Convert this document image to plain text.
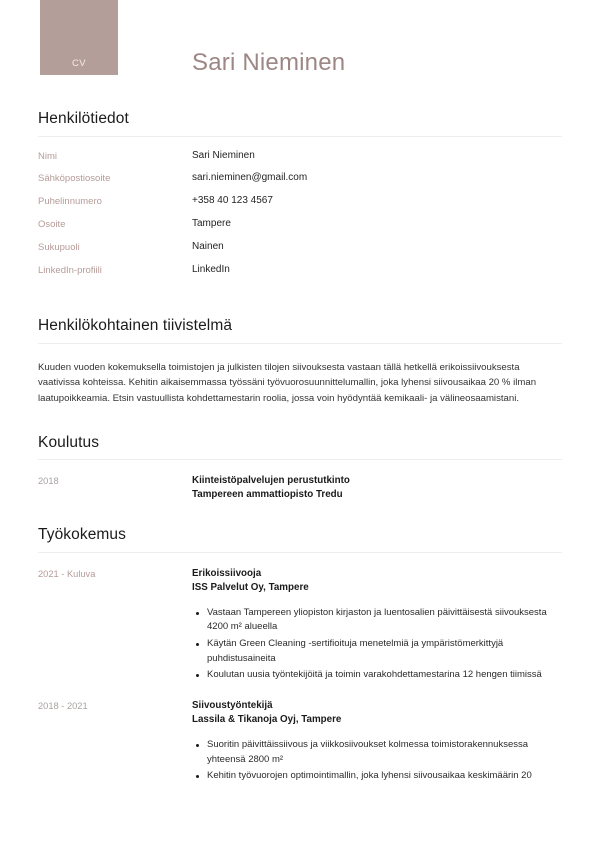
CV	Sari Nieminen
Henkilötiedot
Nimi	Sari Nieminen
Sähköpostiosoite	sari.nieminen@gmail.com
Puhelinnumero	+358 40 123 4567
Osoite	Tampere
Sukupuoli	Nainen
LinkedIn-profiili	LinkedIn
Henkilökohtainen tiivistelmä

Kuuden vuoden kokemuksella toimistojen ja julkisten tilojen siivouksesta vastaan tällä hetkellä erikoissiivouksesta vaativissa kohteissa. Kehitin aikaisemmassa työssäni työvuorosuunnittelumallin, joka lyhensi siivousaikaa 20 % ilman laatupoikkeamia. Etsin vastuullista kohdettamestarin roolia, jossa voin hyödyntää kemikaali- ja välineosaamistani.

Koulutus
2018	Kiinteistöpalvelujen perustutkinto
Tampereen ammattiopisto Tredu
Työkokemus
2021 - Kuluva	Erikoissiivooja
ISS Palvelut Oy, Tampere
Vastaan Tampereen yliopiston kirjaston ja luentosalien päivittäisestä siivouksesta 4200 m² alueella
Käytän Green Cleaning -sertifioituja menetelmiä ja ympäristömerkittyjä puhdistusaineita
Koulutan uusia työntekijöitä ja toimin varakohdettamestarina 12 hengen tiimissä
2018 - 2021	Siivoustyöntekijä
Lassila & Tikanoja Oyj, Tampere
Suoritin päivittäissiivous ja viikkosiivoukset kolmessa toimistorakennuksessa yhteensä 2800 m²
Kehitin työvuorojen optimointimallin, joka lyhensi siivousaikaa keskimäärin 20
